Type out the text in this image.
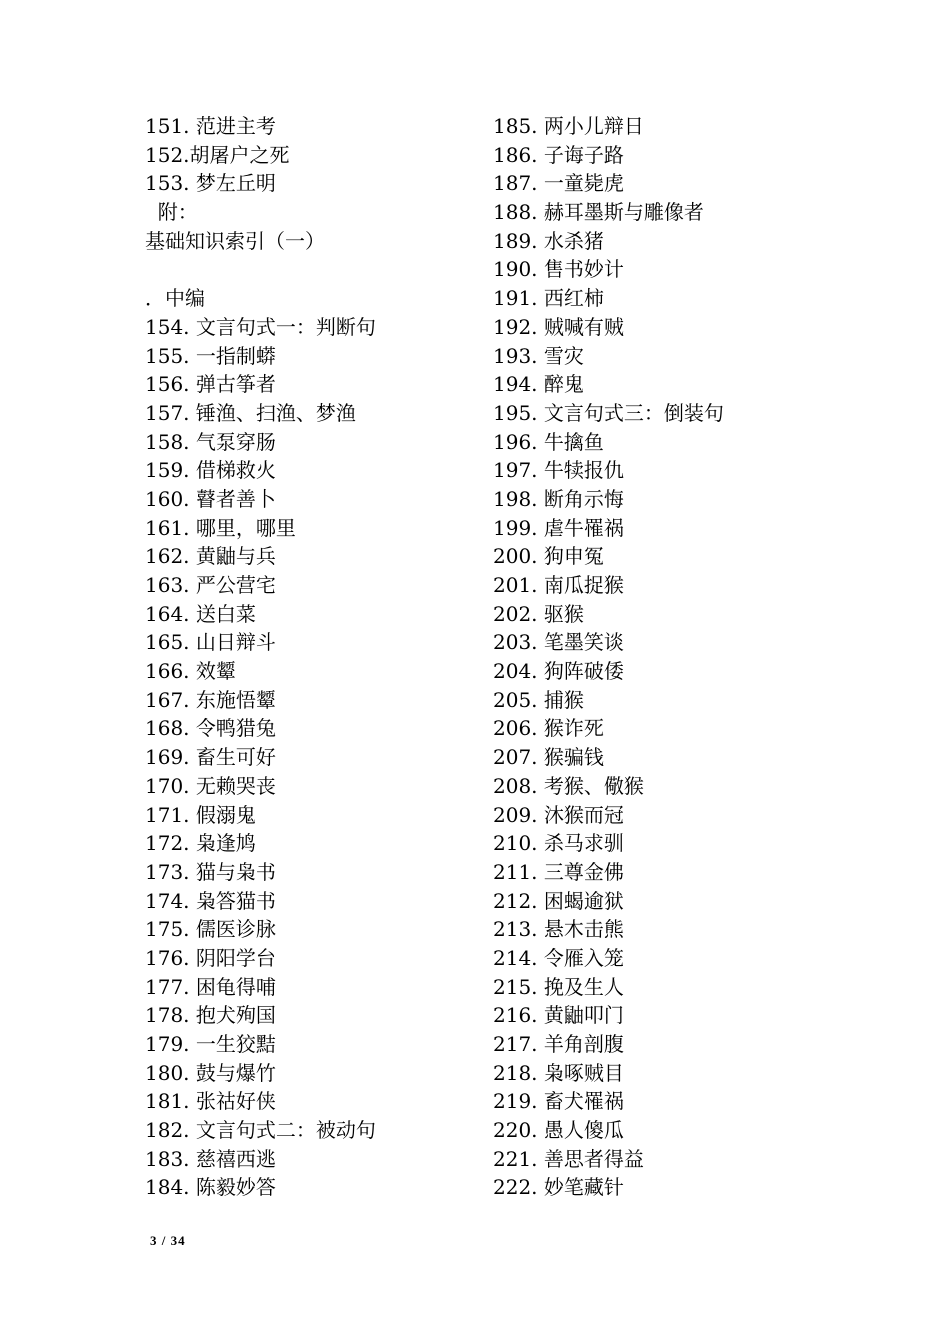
151. 范进主考
152.胡屠户之死
153. 梦左丘明
附：
基础知识索引（一）
．中编
154. 文言句式一：判断句
155. 一指制蟒
156. 弹古筝者
157. 锤渔、扫渔、梦渔
158. 气泵穿肠
159. 借梯救火
160. 瞽者善卜
161. 哪里，哪里
162. 黄鼬与兵
163. 严公营宅
164. 送白菜
165. 山日辩斗
166. 效颦
167. 东施悟颦
168. 令鸭猎兔
169. 畜生可好
170. 无赖哭丧
171. 假溺鬼
172. 枭逢鸠
173. 猫与枭书
174. 枭答猫书
175. 儒医诊脉
176. 阴阳学台
177. 困龟得哺
178. 抱犬殉国
179. 一生狡黠
180. 鼓与爆竹
181. 张祜好侠
182. 文言句式二：被动句
183. 慈禧西逃
184. 陈毅妙答
185. 两小儿辩日
186. 子诲子路
187. 一童毙虎
188. 赫耳墨斯与雕像者
189. 水杀猪
190. 售书妙计
191. 西红柿
192. 贼喊有贼
193. 雪灾
194. 醉鬼
195. 文言句式三：倒装句
196. 牛擒鱼
197. 牛犊报仇
198. 断角示悔
199. 虐牛罹祸
200. 狗申冤
201. 南瓜捉猴
202. 驱猴
203. 笔墨笑谈
204. 狗阵破倭
205. 捕猴
206. 猴诈死
207. 猴骗钱
208. 考猴、儆猴
209. 沐猴而冠
210. 杀马求驯
211. 三尊金佛
212. 困蝎逾狱
213. 悬木击熊
214. 令雁入笼
215. 挽及生人
216. 黄鼬叩门
217. 羊角剖腹
218. 枭啄贼目
219. 畜犬罹祸
220. 愚人傻瓜
221. 善思者得益
222. 妙笔藏针
3 / 34
